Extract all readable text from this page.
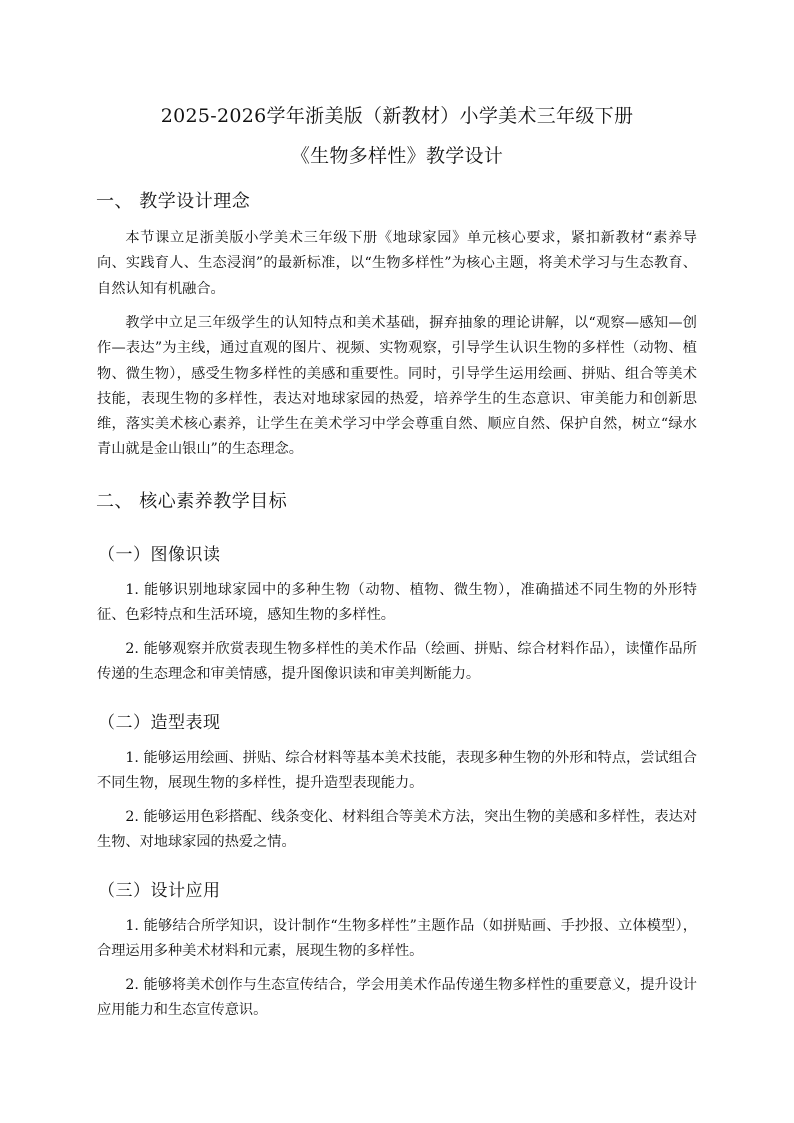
2025-2026学年浙美版（新教材）小学美术三年级下册
《生物多样性》教学设计
一、 教学设计理念

本节课立足浙美版小学美术三年级下册《地球家园》单元核心要求，紧扣新教材“素养导向、实践育人、生态浸润”的最新标准，以“生物多样性”为核心主题，将美术学习与生态教育、自然认知有机融合。

教学中立足三年级学生的认知特点和美术基础，摒弃抽象的理论讲解，以“观察—感知—创作—表达”为主线，通过直观的图片、视频、实物观察，引导学生认识生物的多样性（动物、植物、微生物），感受生物多样性的美感和重要性。同时，引导学生运用绘画、拼贴、组合等美术技能，表现生物的多样性，表达对地球家园的热爱，培养学生的生态意识、审美能力和创新思维，落实美术核心素养，让学生在美术学习中学会尊重自然、顺应自然、保护自然，树立“绿水青山就是金山银山”的生态理念。

二、 核心素养教学目标
（一）图像识读

1. 能够识别地球家园中的多种生物（动物、植物、微生物），准确描述不同生物的外形特征、色彩特点和生活环境，感知生物的多样性。

2. 能够观察并欣赏表现生物多样性的美术作品（绘画、拼贴、综合材料作品），读懂作品所传递的生态理念和审美情感，提升图像识读和审美判断能力。

（二）造型表现

1. 能够运用绘画、拼贴、综合材料等基本美术技能，表现多种生物的外形和特点，尝试组合不同生物，展现生物的多样性，提升造型表现能力。

2. 能够运用色彩搭配、线条变化、材料组合等美术方法，突出生物的美感和多样性，表达对生物、对地球家园的热爱之情。

（三）设计应用

1. 能够结合所学知识，设计制作“生物多样性”主题作品（如拼贴画、手抄报、立体模型），合理运用多种美术材料和元素，展现生物的多样性。

2. 能够将美术创作与生态宣传结合，学会用美术作品传递生物多样性的重要意义，提升设计应用能力和生态宣传意识。
